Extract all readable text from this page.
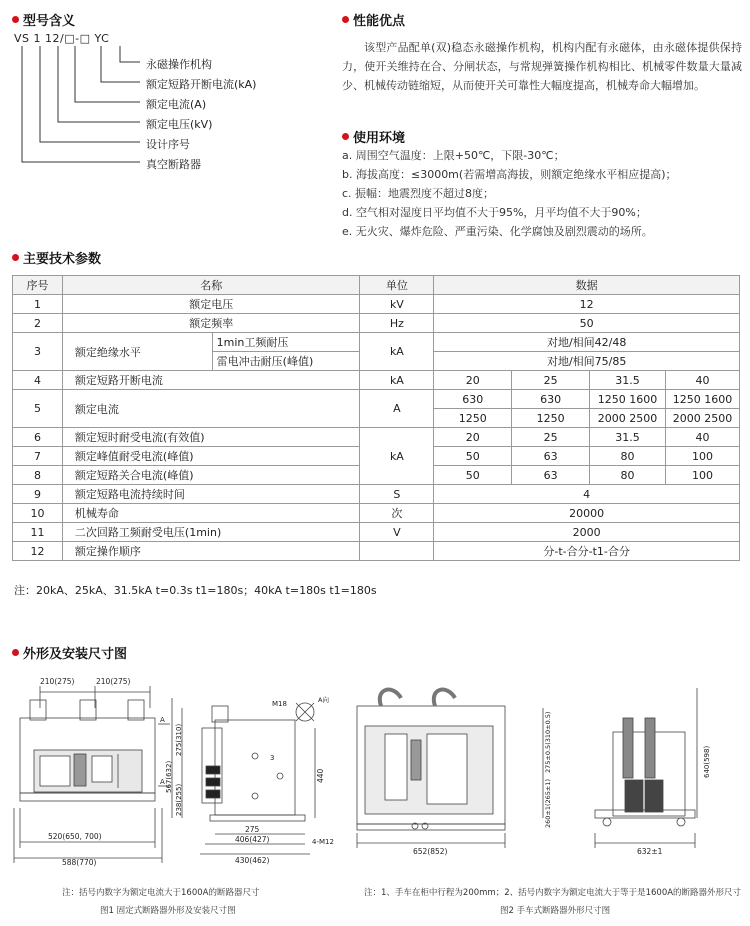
型号含义
VS 1 12/□-□ YC
永磁操作机构
额定短路开断电流(kA)
额定电流(A)
额定电压(kV)
设计序号
真空断路器
性能优点

该型产品配单(双)稳态永磁操作机构，机构内配有永磁体，由永磁体提供保持力，使开关维持在合、分闸状态，与常规弹簧操作机构相比、机械零件数量大量减少、机械传动链缩短，从而使开关可靠性大幅度提高，机械寿命大幅增加。

使用环境
a. 周围空气温度：上限+50℃，下限-30℃；
b. 海拔高度：≤3000m(若需增高海拔，则额定绝缘水平相应提高)；
c. 振幅：地震烈度不超过8度；
d. 空气相对湿度日平均值不大于95%，月平均值不大于90%；
e. 无火灾、爆炸危险、严重污染、化学腐蚀及剧烈震动的场所。
主要技术参数
序号	名称		单位	数据			
1	额定电压		kV	12			
2	额定频率		Hz	50			
3	额定绝缘水平	1min工频耐压	kA	对地/相间42/48			
		雷电冲击耐压(峰值)		对地/相间75/85			
4	额定短路开断电流		kA	20	25	31.5	40
5	额定电流		A	630	630	1250 1600	1250 1600
				1250	1250	2000 2500	2000 2500
6	额定短时耐受电流(有效值)		kA	20	25	31.5	40
7	额定峰值耐受电流(峰值)			50	63	80	100
8	额定短路关合电流(峰值)			50	63	80	100
9	额定短路电流持续时间		S	4			
10	机械寿命		次	20000			
11	二次回路工频耐受电压(1min)		V	2000			
12	额定操作顺序			分-t-合分-t1-合分			
注：20kA、25kA、31.5kA t=0.3s t1=180s；40kA t=180s t1=180s
外形及安装尺寸图
210(275)	210(275)
520(650, 700)
588(770)
567(632)
275(310)
238(255)
275
406(427)
430(462)
440
M18	A向
4-M12
A
A
3
652(852)	632±1
640(598)
275±0.5(310±0.5)
260±1(265±1)
注：括号内数字为额定电流大于1600A的断路器尺寸
图1 固定式断路器外形及安装尺寸图
注：1、手车在柜中行程为200mm；2、括号内数字为额定电流大于等于是1600A的断路器外形尺寸
图2 手车式断路器外形尺寸图
